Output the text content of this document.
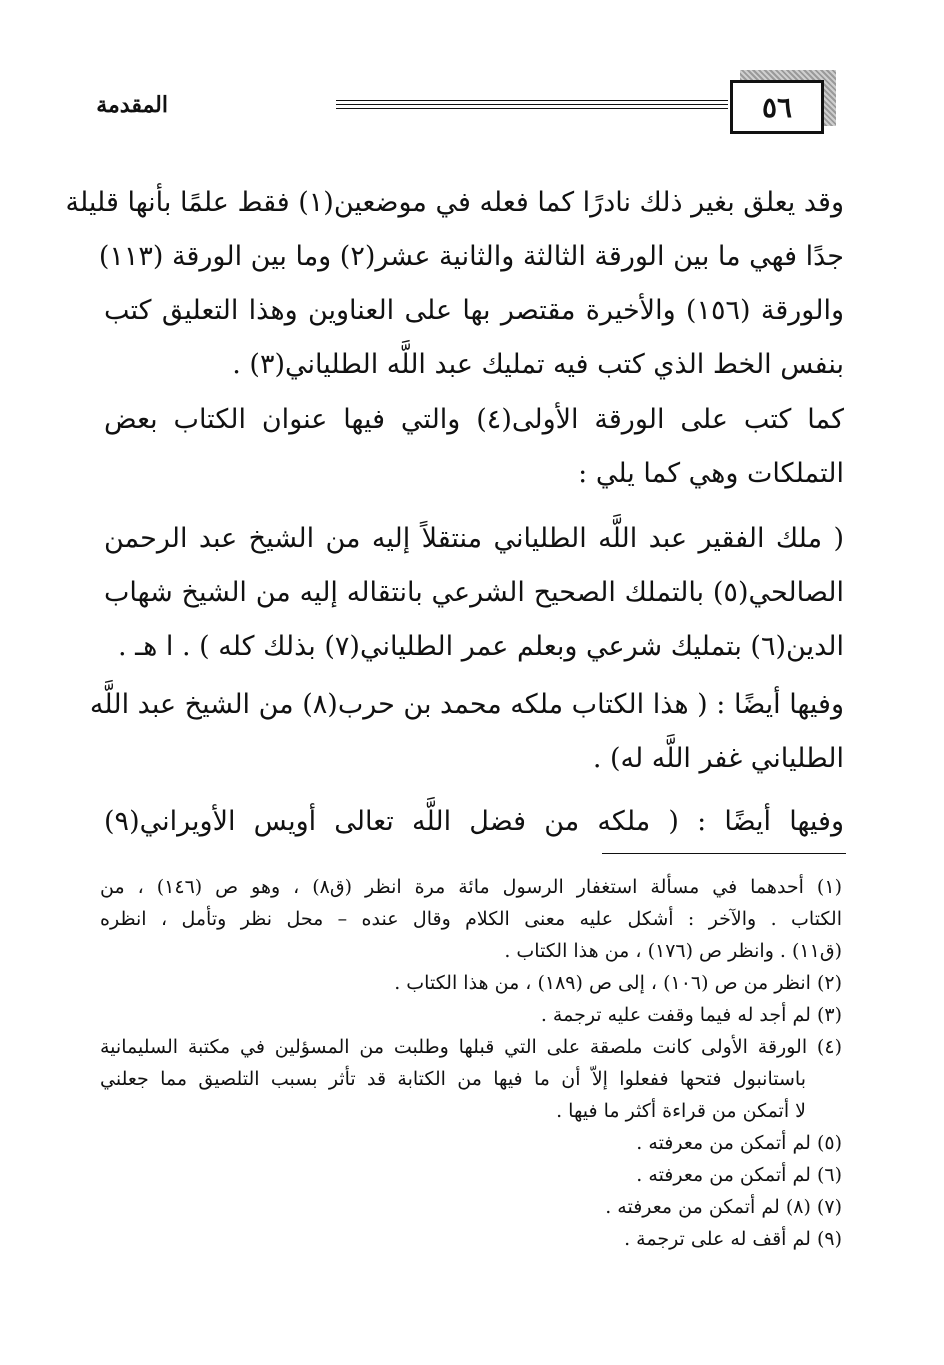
المقدمة	٥٦
وقد يعلق بغير ذلك نادرًا كما فعله في موضعين(١) فقط علمًا بأنها قليلة
جدًا فهي ما بين الورقة الثالثة والثانية عشر(٢) وما بين الورقة (١١٣)
والورقة (١٥٦) والأخيرة مقتصر بها على العناوين وهذا التعليق كتب
بنفس الخط الذي كتب فيه تمليك عبد اللَّه الطلياني(٣) .
كما كتب على الورقة الأولى(٤) والتي فيها عنوان الكتاب بعض
التملكات وهي كما يلي :
( ملك الفقير عبد اللَّه الطلياني منتقلاً إليه من الشيخ عبد الرحمن
الصالحي(٥) بالتملك الصحيح الشرعي بانتقاله إليه من الشيخ شهاب
الدين(٦) بتمليك شرعي وبعلم عمر الطلياني(٧) بذلك كله ) . ا هـ .
وفيها أيضًا : ( هذا الكتاب ملكه محمد بن حرب(٨) من الشيخ عبد اللَّه
الطلياني غفر اللَّه له) .
وفيها أيضًا : ( ملكه من فضل اللَّه تعالى أويس الأويراني(٩)
(١) أحدهما في مسألة استغفار الرسول مائة مرة انظر (ق٨) ، وهو ص (١٤٦) ، من
الكتاب . والآخر : أشكل عليه معنى الكلام وقال عنده – محل نظر وتأمل ، انظره
(ق١١) . وانظر ص (١٧٦) ، من هذا الكتاب .
(٢) انظر من ص (١٠٦) ، إلى ص (١٨٩) ، من هذا الكتاب .
(٣) لم أجد له فيما وقفت عليه ترجمة .
(٤) الورقة الأولى كانت ملصقة على التي قبلها وطلبت من المسؤلين في مكتبة السليمانية
باستانبول فتحها ففعلوا إلاّ أن ما فيها من الكتابة قد تأثر بسبب التلصيق مما جعلني
لا أتمكن من قراءة أكثر ما فيها .
(٥) لم أتمكن من معرفته .
(٦) لم أتمكن من معرفته .
(٧) (٨) لم أتمكن من معرفته .
(٩) لم أقف له على ترجمة .
